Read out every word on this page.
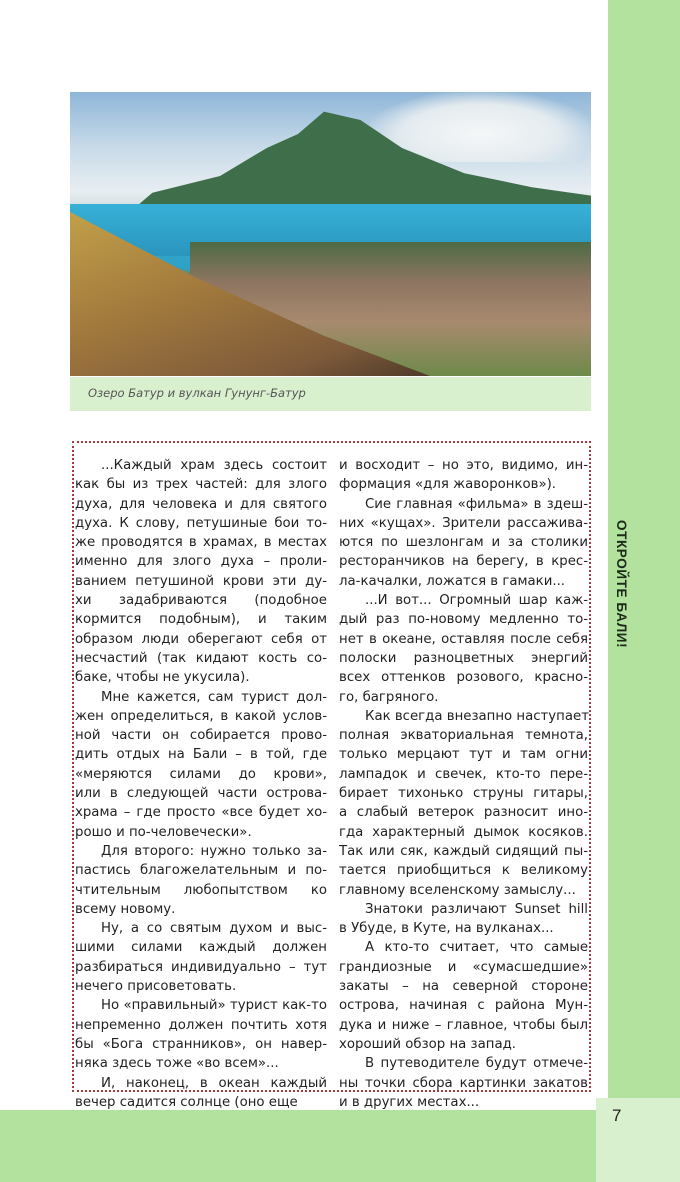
ОТКРОЙТЕ БАЛИ!
Озеро Батур и вулкан Гунунг-Батур
...Каждый храм здесь состоит
как бы из трех частей: для злого
духа, для человека и для святого
духа. К слову, петушиные бои то-
же проводятся в храмах, в местах
именно для злого духа – проли-
ванием петушиной крови эти ду-
хи задабриваются (подобное
кормится подобным), и таким
образом люди оберегают себя от
несчастий (так кидают кость со-
баке, чтобы не укусила).
Мне кажется, сам турист дол-
жен определиться, в какой услов-
ной части он собирается прово-
дить отдых на Бали – в той, где
«меряются силами до крови»,
или в следующей части острова-
храма – где просто «все будет хо-
рошо и по-человечески».
Для второго: нужно только за-
пастись благожелательным и по-
чтительным любопытством ко
всему новому.
Ну, а со святым духом и выс-
шими силами каждый должен
разбираться индивидуально – тут
нечего присоветовать.
Но «правильный» турист как-то
непременно должен почтить хотя
бы «Бога странников», он навер-
няка здесь тоже «во всем»...
И, наконец, в океан каждый
вечер садится солнце (оно еще
и восходит – но это, видимо, ин-
формация «для жаворонков»).
Сие главная «фильма» в здеш-
них «кущах». Зрители рассажива-
ются по шезлонгам и за столики
ресторанчиков на берегу, в крес-
ла-качалки, ложатся в гамаки...
...И вот... Огромный шар каж-
дый раз по-новому медленно то-
нет в океане, оставляя после себя
полоски разноцветных энергий
всех оттенков розового, красно-
го, багряного.
Как всегда внезапно наступает
полная экваториальная темнота,
только мерцают тут и там огни
лампадок и свечек, кто-то пере-
бирает тихонько струны гитары,
а слабый ветерок разносит ино-
гда характерный дымок косяков.
Так или сяк, каждый сидящий пы-
тается приобщиться к великому
главному вселенскому замыслу...
Знатоки различают Sunset hill
в Убуде, в Куте, на вулканах...
А кто-то считает, что самые
грандиозные и «сумасшедшие»
закаты – на северной стороне
острова, начиная с района Мун-
дука и ниже – главное, чтобы был
хороший обзор на запад.
В путеводителе будут отмече-
ны точки сбора картинки закатов
и в других местах...
7
